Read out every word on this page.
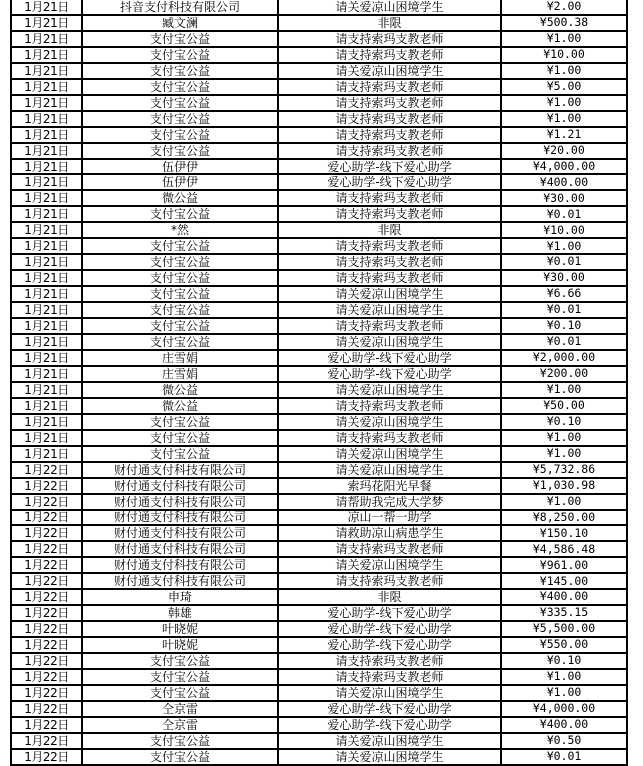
1月21日	抖音支付科技有限公司	请关爱凉山困境学生	¥2.00
1月21日	臧文澜	非限	¥500.38
1月21日	支付宝公益	请支持索玛支教老师	¥1.00
1月21日	支付宝公益	请支持索玛支教老师	¥10.00
1月21日	支付宝公益	请关爱凉山困境学生	¥1.00
1月21日	支付宝公益	请支持索玛支教老师	¥5.00
1月21日	支付宝公益	请支持索玛支教老师	¥1.00
1月21日	支付宝公益	请支持索玛支教老师	¥1.00
1月21日	支付宝公益	请支持索玛支教老师	¥1.21
1月21日	支付宝公益	请支持索玛支教老师	¥20.00
1月21日	伍伊伊	爱心助学-线下爱心助学	¥4,000.00
1月21日	伍伊伊	爱心助学-线下爱心助学	¥400.00
1月21日	微公益	请支持索玛支教老师	¥30.00
1月21日	支付宝公益	请支持索玛支教老师	¥0.01
1月21日	*然	非限	¥10.00
1月21日	支付宝公益	请支持索玛支教老师	¥1.00
1月21日	支付宝公益	请支持索玛支教老师	¥0.01
1月21日	支付宝公益	请支持索玛支教老师	¥30.00
1月21日	支付宝公益	请关爱凉山困境学生	¥6.66
1月21日	支付宝公益	请关爱凉山困境学生	¥0.01
1月21日	支付宝公益	请支持索玛支教老师	¥0.10
1月21日	支付宝公益	请关爱凉山困境学生	¥0.01
1月21日	庄雪娟	爱心助学-线下爱心助学	¥2,000.00
1月21日	庄雪娟	爱心助学-线下爱心助学	¥200.00
1月21日	微公益	请关爱凉山困境学生	¥1.00
1月21日	微公益	请支持索玛支教老师	¥50.00
1月21日	支付宝公益	请关爱凉山困境学生	¥0.10
1月21日	支付宝公益	请支持索玛支教老师	¥1.00
1月21日	支付宝公益	请关爱凉山困境学生	¥1.00
1月22日	财付通支付科技有限公司	请关爱凉山困境学生	¥5,732.86
1月22日	财付通支付科技有限公司	索玛花阳光早餐	¥1,030.98
1月22日	财付通支付科技有限公司	请帮助我完成大学梦	¥1.00
1月22日	财付通支付科技有限公司	凉山一帮一助学	¥8,250.00
1月22日	财付通支付科技有限公司	请救助凉山病患学生	¥150.10
1月22日	财付通支付科技有限公司	请支持索玛支教老师	¥4,586.48
1月22日	财付通支付科技有限公司	请关爱凉山困境学生	¥961.00
1月22日	财付通支付科技有限公司	请支持索玛支教老师	¥145.00
1月22日	申琦	非限	¥400.00
1月22日	韩雄	爱心助学-线下爱心助学	¥335.15
1月22日	叶晓妮	爱心助学-线下爱心助学	¥5,500.00
1月22日	叶晓妮	爱心助学-线下爱心助学	¥550.00
1月22日	支付宝公益	请支持索玛支教老师	¥0.10
1月22日	支付宝公益	请支持索玛支教老师	¥1.00
1月22日	支付宝公益	请关爱凉山困境学生	¥1.00
1月22日	仝京雷	爱心助学-线下爱心助学	¥4,000.00
1月22日	仝京雷	爱心助学-线下爱心助学	¥400.00
1月22日	支付宝公益	请关爱凉山困境学生	¥0.50
1月22日	支付宝公益	请关爱凉山困境学生	¥0.01
